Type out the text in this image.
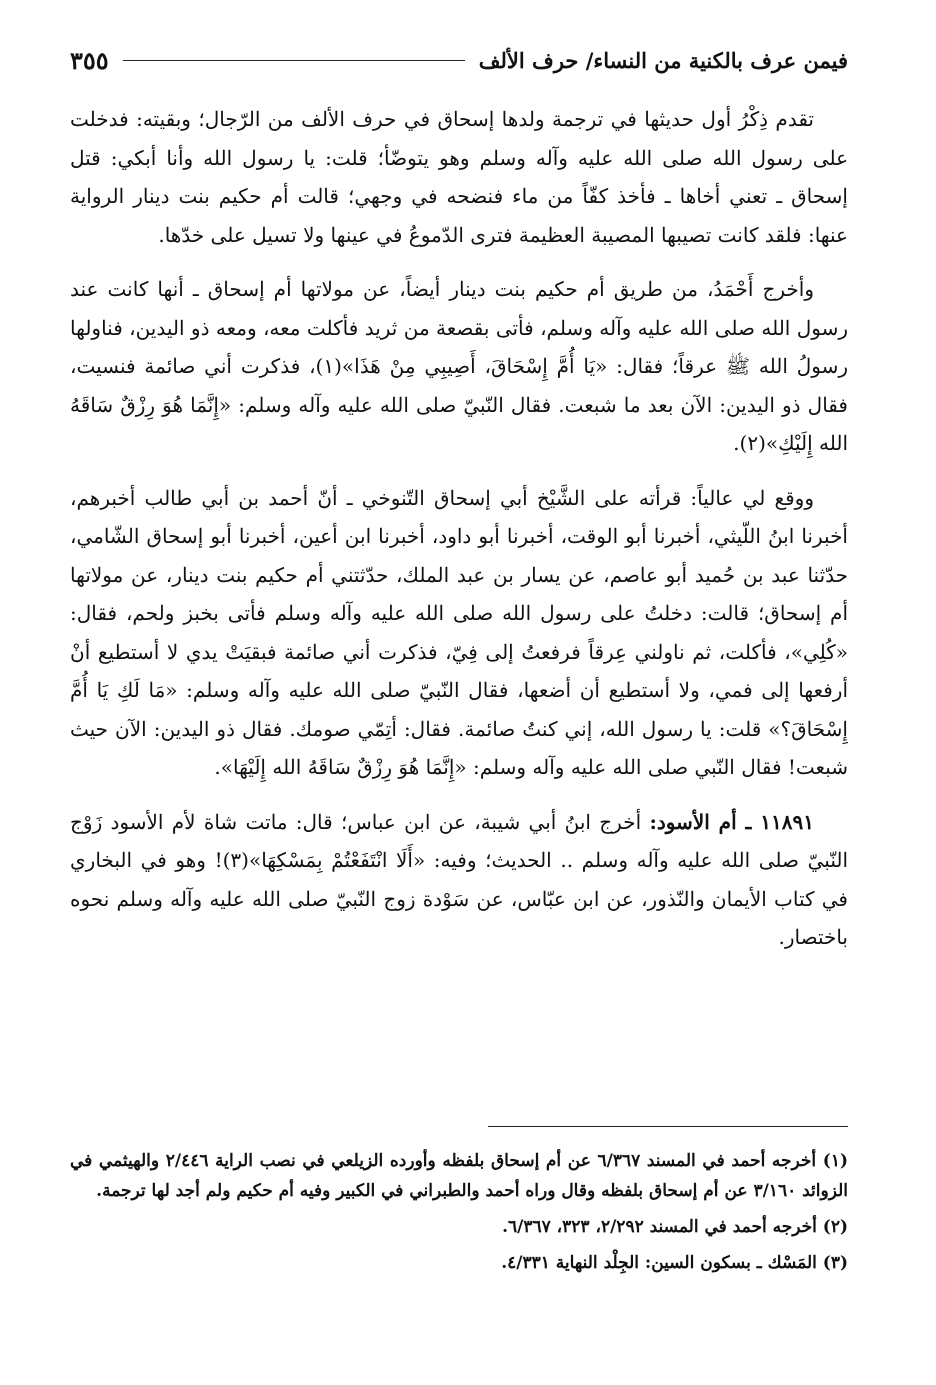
فيمن عرف بالكنية من النساء/ حرف الألف
٣٥٥

تقدم ذِكْرُ أول حديثها في ترجمة ولدها إسحاق في حرف الألف من الرّجال؛ وبقيته: فدخلت على رسول الله صلى الله عليه وآله وسلم وهو يتوضّأ؛ قلت: يا رسول الله وأنا أبكي: قتل إسحاق ـ تعني أخاها ـ فأخذ كفّاً من ماء فنضحه في وجهي؛ قالت أم حكيم بنت دينار الرواية عنها: فلقد كانت تصيبها المصيبة العظيمة فترى الدّموعُ في عينها ولا تسيل على خدّها.

وأخرج أَحْمَدُ، من طريق أم حكيم بنت دينار أيضاً، عن مولاتها أم إسحاق ـ أنها كانت عند رسول الله صلى الله عليه وآله وسلم، فأتى بقصعة من ثريد فأكلت معه، ومعه ذو اليدين، فناولها رسولُ الله ﷺ عرقاً؛ فقال: «يَا أُمَّ إِسْحَاقَ، أَصِيبِي مِنْ هَذَا»(١)، فذكرت أني صائمة فنسيت، فقال ذو اليدين: الآن بعد ما شبعت. فقال النّبيّ صلى الله عليه وآله وسلم: «إِنَّمَا هُوَ رِزْقٌ سَاقَهُ الله إِلَيْكِ»(٢).

ووقع لي عالياً: قرأته على الشَّيْخ أبي إسحاق التّنوخي ـ أنّ أحمد بن أبي طالب أخبرهم، أخبرنا ابنُ اللّيثي، أخبرنا أبو الوقت، أخبرنا أبو داود، أخبرنا ابن أعين، أخبرنا أبو إسحاق الشّامي، حدّثنا عبد بن حُميد أبو عاصم، عن يسار بن عبد الملك، حدّثتني أم حكيم بنت دينار، عن مولاتها أم إسحاق؛ قالت: دخلتُ على رسول الله صلى الله عليه وآله وسلم فأتى بخبز ولحم، فقال: «كُلِي»، فأكلت، ثم ناولني عِرقاً فرفعتُ إلى فِيّ، فذكرت أني صائمة فبقيَتْ يدي لا أستطيع أنْ أرفعها إلى فمي، ولا أستطيع أن أضعها، فقال النّبيّ صلى الله عليه وآله وسلم: «مَا لَكِ يَا أُمَّ إِسْحَاقَ؟» قلت: يا رسول الله، إني كنتُ صائمة. فقال: أتِمّي صومك. فقال ذو اليدين: الآن حيث شبعت! فقال النّبي صلى الله عليه وآله وسلم: «إِنَّمَا هُوَ رِزْقٌ سَاقَهُ الله إِلَيْهَا».

١١٨٩١ ـ أم الأسود: أخرج ابنُ أبي شيبة، عن ابن عباس؛ قال: ماتت شاة لأم الأسود زَوْج النّبيّ صلى الله عليه وآله وسلم .. الحديث؛ وفيه: «أَلَا انْتَفَعْتُمْ بِمَسْكِهَا»(٣)! وهو في البخاري في كتاب الأيمان والنّذور، عن ابن عبّاس، عن سَوْدة زوج النّبيّ صلى الله عليه وآله وسلم نحوه باختصار.

(١) أخرجه أحمد في المسند ٦/٣٦٧ عن أم إسحاق بلفظه وأورده الزيلعي في نصب الراية ٢/٤٤٦ والهيثمي في الزوائد ٣/١٦٠ عن أم إسحاق بلفظه وقال وراه أحمد والطبراني في الكبير وفيه أم حكيم ولم أجد لها ترجمة.

(٢) أخرجه أحمد في المسند ٢/٢٩٢، ٣٢٣، ٦/٣٦٧.

(٣) المَسْك ـ بسكون السين: الجِلْد النهاية ٤/٣٣١.
